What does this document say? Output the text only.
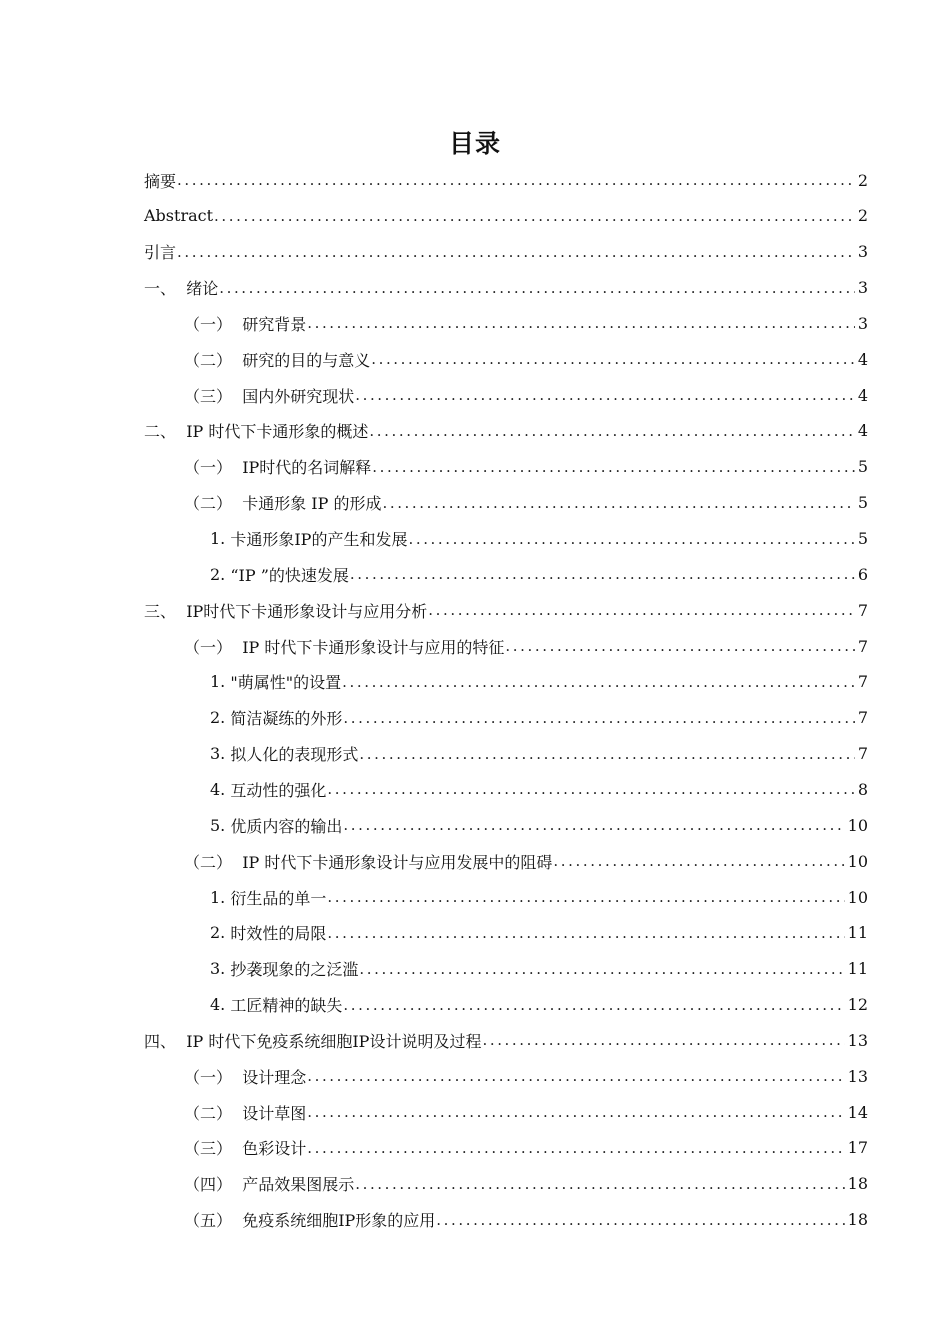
目录
摘要 .....	2
Abstract .....	2
引言 .....	3
一、 绪论 .....	3
（一） 研究背景 .....	3
（二） 研究的目的与意义 .....	4
（三） 国内外研究现状 .....	4
二、 IP 时代下卡通形象的概述 .....	4
（一） IP时代的名词解释 .....	5
（二） 卡通形象 IP 的形成 .....	5
1. 卡通形象IP的产生和发展 .....	5
2. “IP ”的快速发展 .....	6
三、 IP时代下卡通形象设计与应用分析 .....	7
（一） IP 时代下卡通形象设计与应用的特征 .....	7
1. "萌属性"的设置 .....	7
2. 简洁凝练的外形 .....	7
3. 拟人化的表现形式 .....	7
4. 互动性的强化 .....	8
5. 优质内容的输出 .....	10
（二） IP 时代下卡通形象设计与应用发展中的阻碍 .....	10
1. 衍生品的单一 .....	10
2. 时效性的局限 .....	11
3. 抄袭现象的之泛滥 .....	11
4. 工匠精神的缺失 .....	12
四、 IP 时代下免疫系统细胞IP设计说明及过程 .....	13
（一） 设计理念 .....	13
（二） 设计草图 .....	14
（三） 色彩设计 .....	17
（四） 产品效果图展示 .....	18
（五） 免疫系统细胞IP形象的应用 .....	18
